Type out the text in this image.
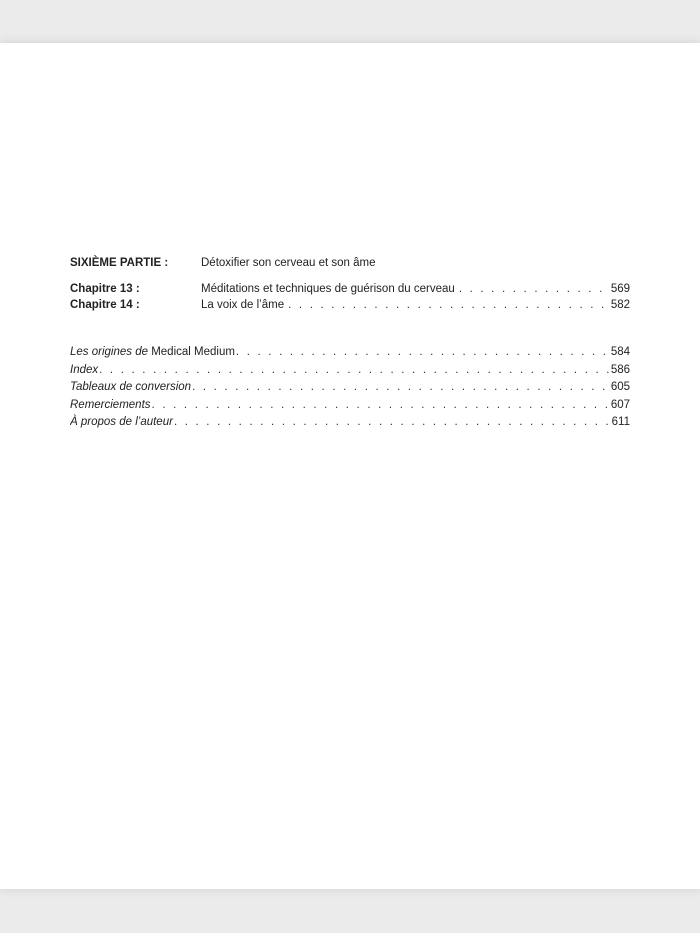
SIXIÈME PARTIE :	Détoxifier son cerveau et son âme
Chapitre 13 :	Méditations et techniques de guérison du cerveau . . .	569
Chapitre 14 :	La voix de l’âme . . .	582
Les origines de Medical Medium . . .	584
Index . . .	586
Tableaux de conversion . . .	605
Remerciements . . .	607
À propos de l’auteur . . .	611
